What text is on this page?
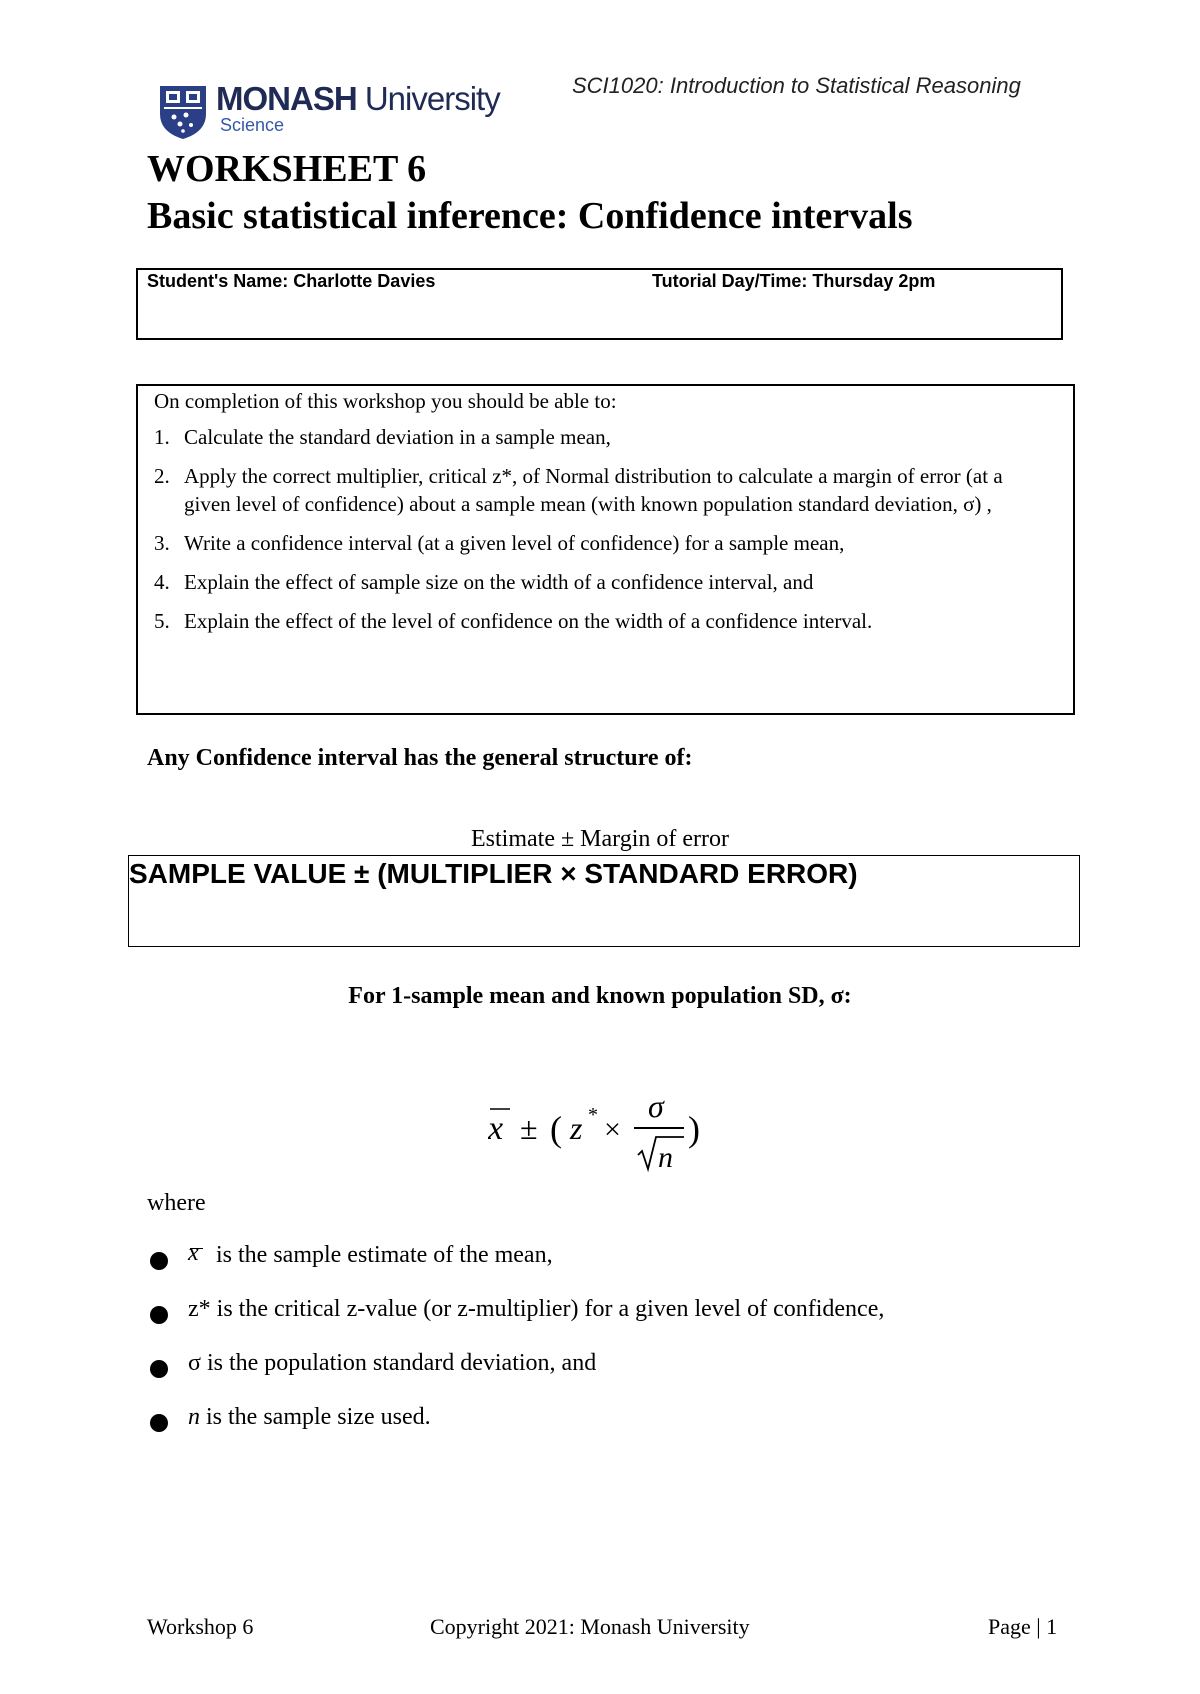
MONASH University
Science
SCI1020: Introduction to Statistical Reasoning
WORKSHEET 6
Basic statistical inference: Confidence intervals
Student's Name: Charlotte Davies	Tutorial Day/Time: Thursday 2pm
On completion of this workshop you should be able to:
1. Calculate the standard deviation in a sample mean,
2. Apply the correct multiplier, critical z*, of Normal distribution to calculate a margin of error (at a given level of confidence) about a sample mean (with known population standard deviation, σ) ,
3. Write a confidence interval (at a given level of confidence) for a sample mean,
4. Explain the effect of sample size on the width of a confidence interval, and
5. Explain the effect of the level of confidence on the width of a confidence interval.
Any Confidence interval has the general structure of:
Estimate ± Margin of error
SAMPLE VALUE ± (MULTIPLIER × STANDARD ERROR)
For 1-sample mean and known population SD, σ:
x ± ( z * ×
σ
n
)
where
x is the sample estimate of the mean,
z* is the critical z-value (or z-multiplier) for a given level of confidence,
σ is the population standard deviation, and
n is the sample size used.
Workshop 6	Copyright 2021: Monash University	Page | 1
